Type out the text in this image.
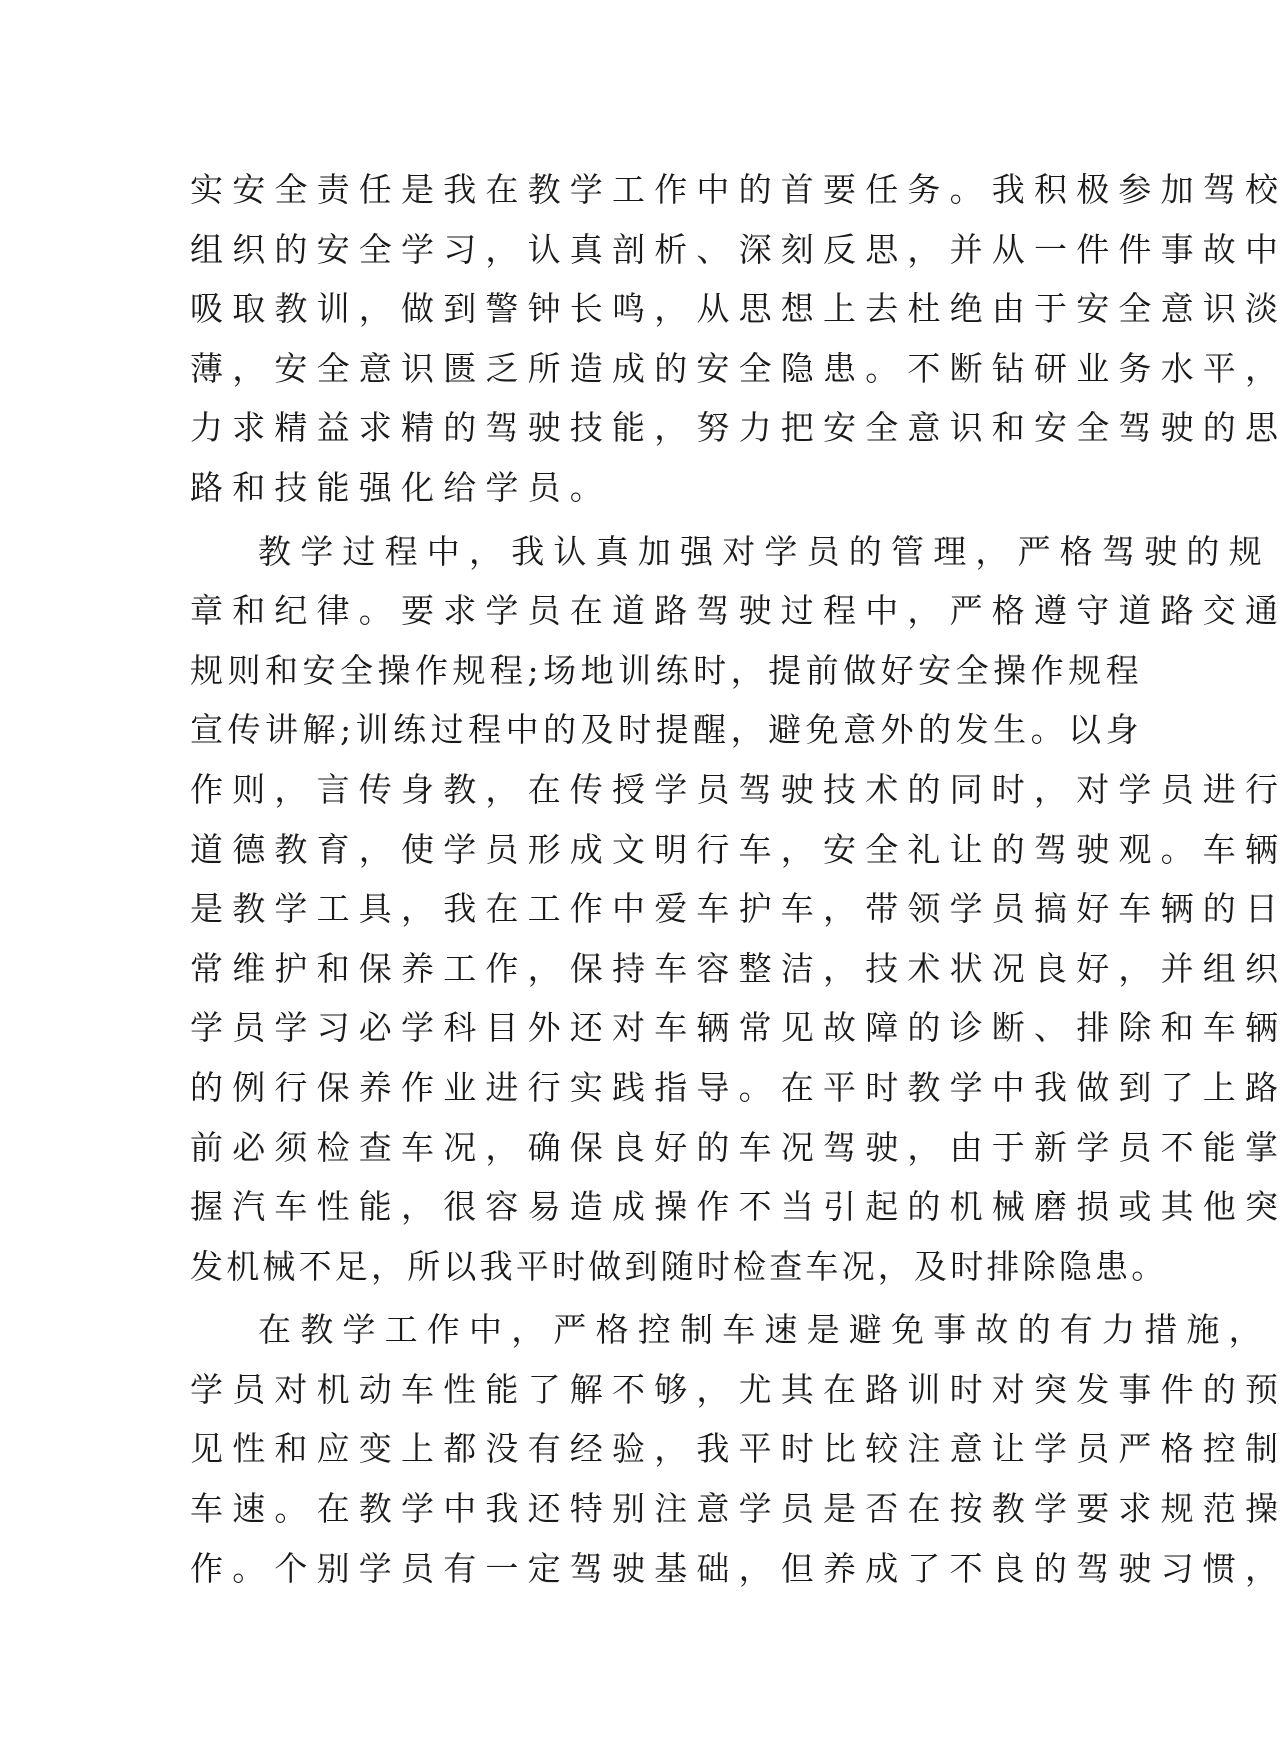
实安全责任是我在教学工作中的首要任务。我积极参加驾校
组织的安全学习，认真剖析、深刻反思，并从一件件事故中
吸取教训，做到警钟长鸣，从思想上去杜绝由于安全意识淡
薄，安全意识匮乏所造成的安全隐患。不断钻研业务水平，
力求精益求精的驾驶技能，努力把安全意识和安全驾驶的思
路和技能强化给学员。
教学过程中，我认真加强对学员的管理，严格驾驶的规
章和纪律。要求学员在道路驾驶过程中，严格遵守道路交通
规则和安全操作规程;场地训练时，提前做好安全操作规程
宣传讲解;训练过程中的及时提醒，避免意外的发生。以身
作则，言传身教，在传授学员驾驶技术的同时，对学员进行
道德教育，使学员形成文明行车，安全礼让的驾驶观。车辆
是教学工具，我在工作中爱车护车，带领学员搞好车辆的日
常维护和保养工作，保持车容整洁，技术状况良好，并组织
学员学习必学科目外还对车辆常见故障的诊断、排除和车辆
的例行保养作业进行实践指导。在平时教学中我做到了上路
前必须检查车况，确保良好的车况驾驶，由于新学员不能掌
握汽车性能，很容易造成操作不当引起的机械磨损或其他突
发机械不足，所以我平时做到随时检查车况，及时排除隐患。
在教学工作中，严格控制车速是避免事故的有力措施，
学员对机动车性能了解不够，尤其在路训时对突发事件的预
见性和应变上都没有经验，我平时比较注意让学员严格控制
车速。在教学中我还特别注意学员是否在按教学要求规范操
作。个别学员有一定驾驶基础，但养成了不良的驾驶习惯，
